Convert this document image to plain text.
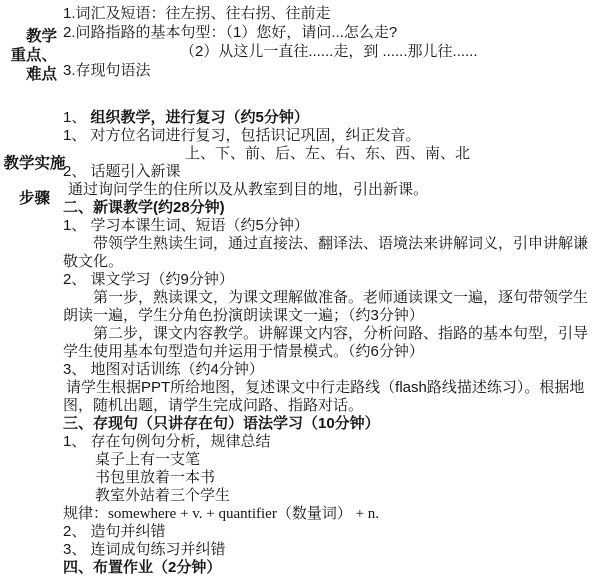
教学
重点、
难点
教学实施
步骤
1.词汇及短语：往左拐、往右拐、往前走
2.问路指路的基本句型：（1）您好，请问...怎么走?
（2）从这儿一直往......走，到 ......那儿往......
3.存现句语法
1、 组织教学，进行复习（约5分钟）
1、 对方位名词进行复习，包括识记巩固，纠正发音。
上、下、前、后、左、右、东、西、南、北
2、 话题引入新课
通过询问学生的住所以及从教室到目的地，引出新课。
二、新课教学(约28分钟)
1、 学习本课生词、短语（约5分钟）
带领学生熟读生词，通过直接法、翻译法、语境法来讲解词义，引申讲解谦敬文化。
2、 课文学习（约9分钟）
第一步，熟读课文，为课文理解做准备。老师通读课文一遍，逐句带领学生朗读一遍，学生分角色扮演朗读课文一遍；（约3分钟）
第二步，课文内容教学。讲解课文内容，分析问路、指路的基本句型，引导学生使用基本句型造句并运用于情景模式。（约6分钟）
3、 地图对话训练（约4分钟）
请学生根据PPT所给地图，复述课文中行走路线（flash路线描述练习）。根据地图，随机出题，请学生完成问路、指路对话。
三、存现句（只讲存在句）语法学习（10分钟）
1、 存在句例句分析，规律总结
桌子上有一支笔
书包里放着一本书
教室外站着三个学生
规律：somewhere + v. + quantifier（数量词） + n.
2、 造句并纠错
3、 连词成句练习并纠错
四、布置作业（2分钟）
